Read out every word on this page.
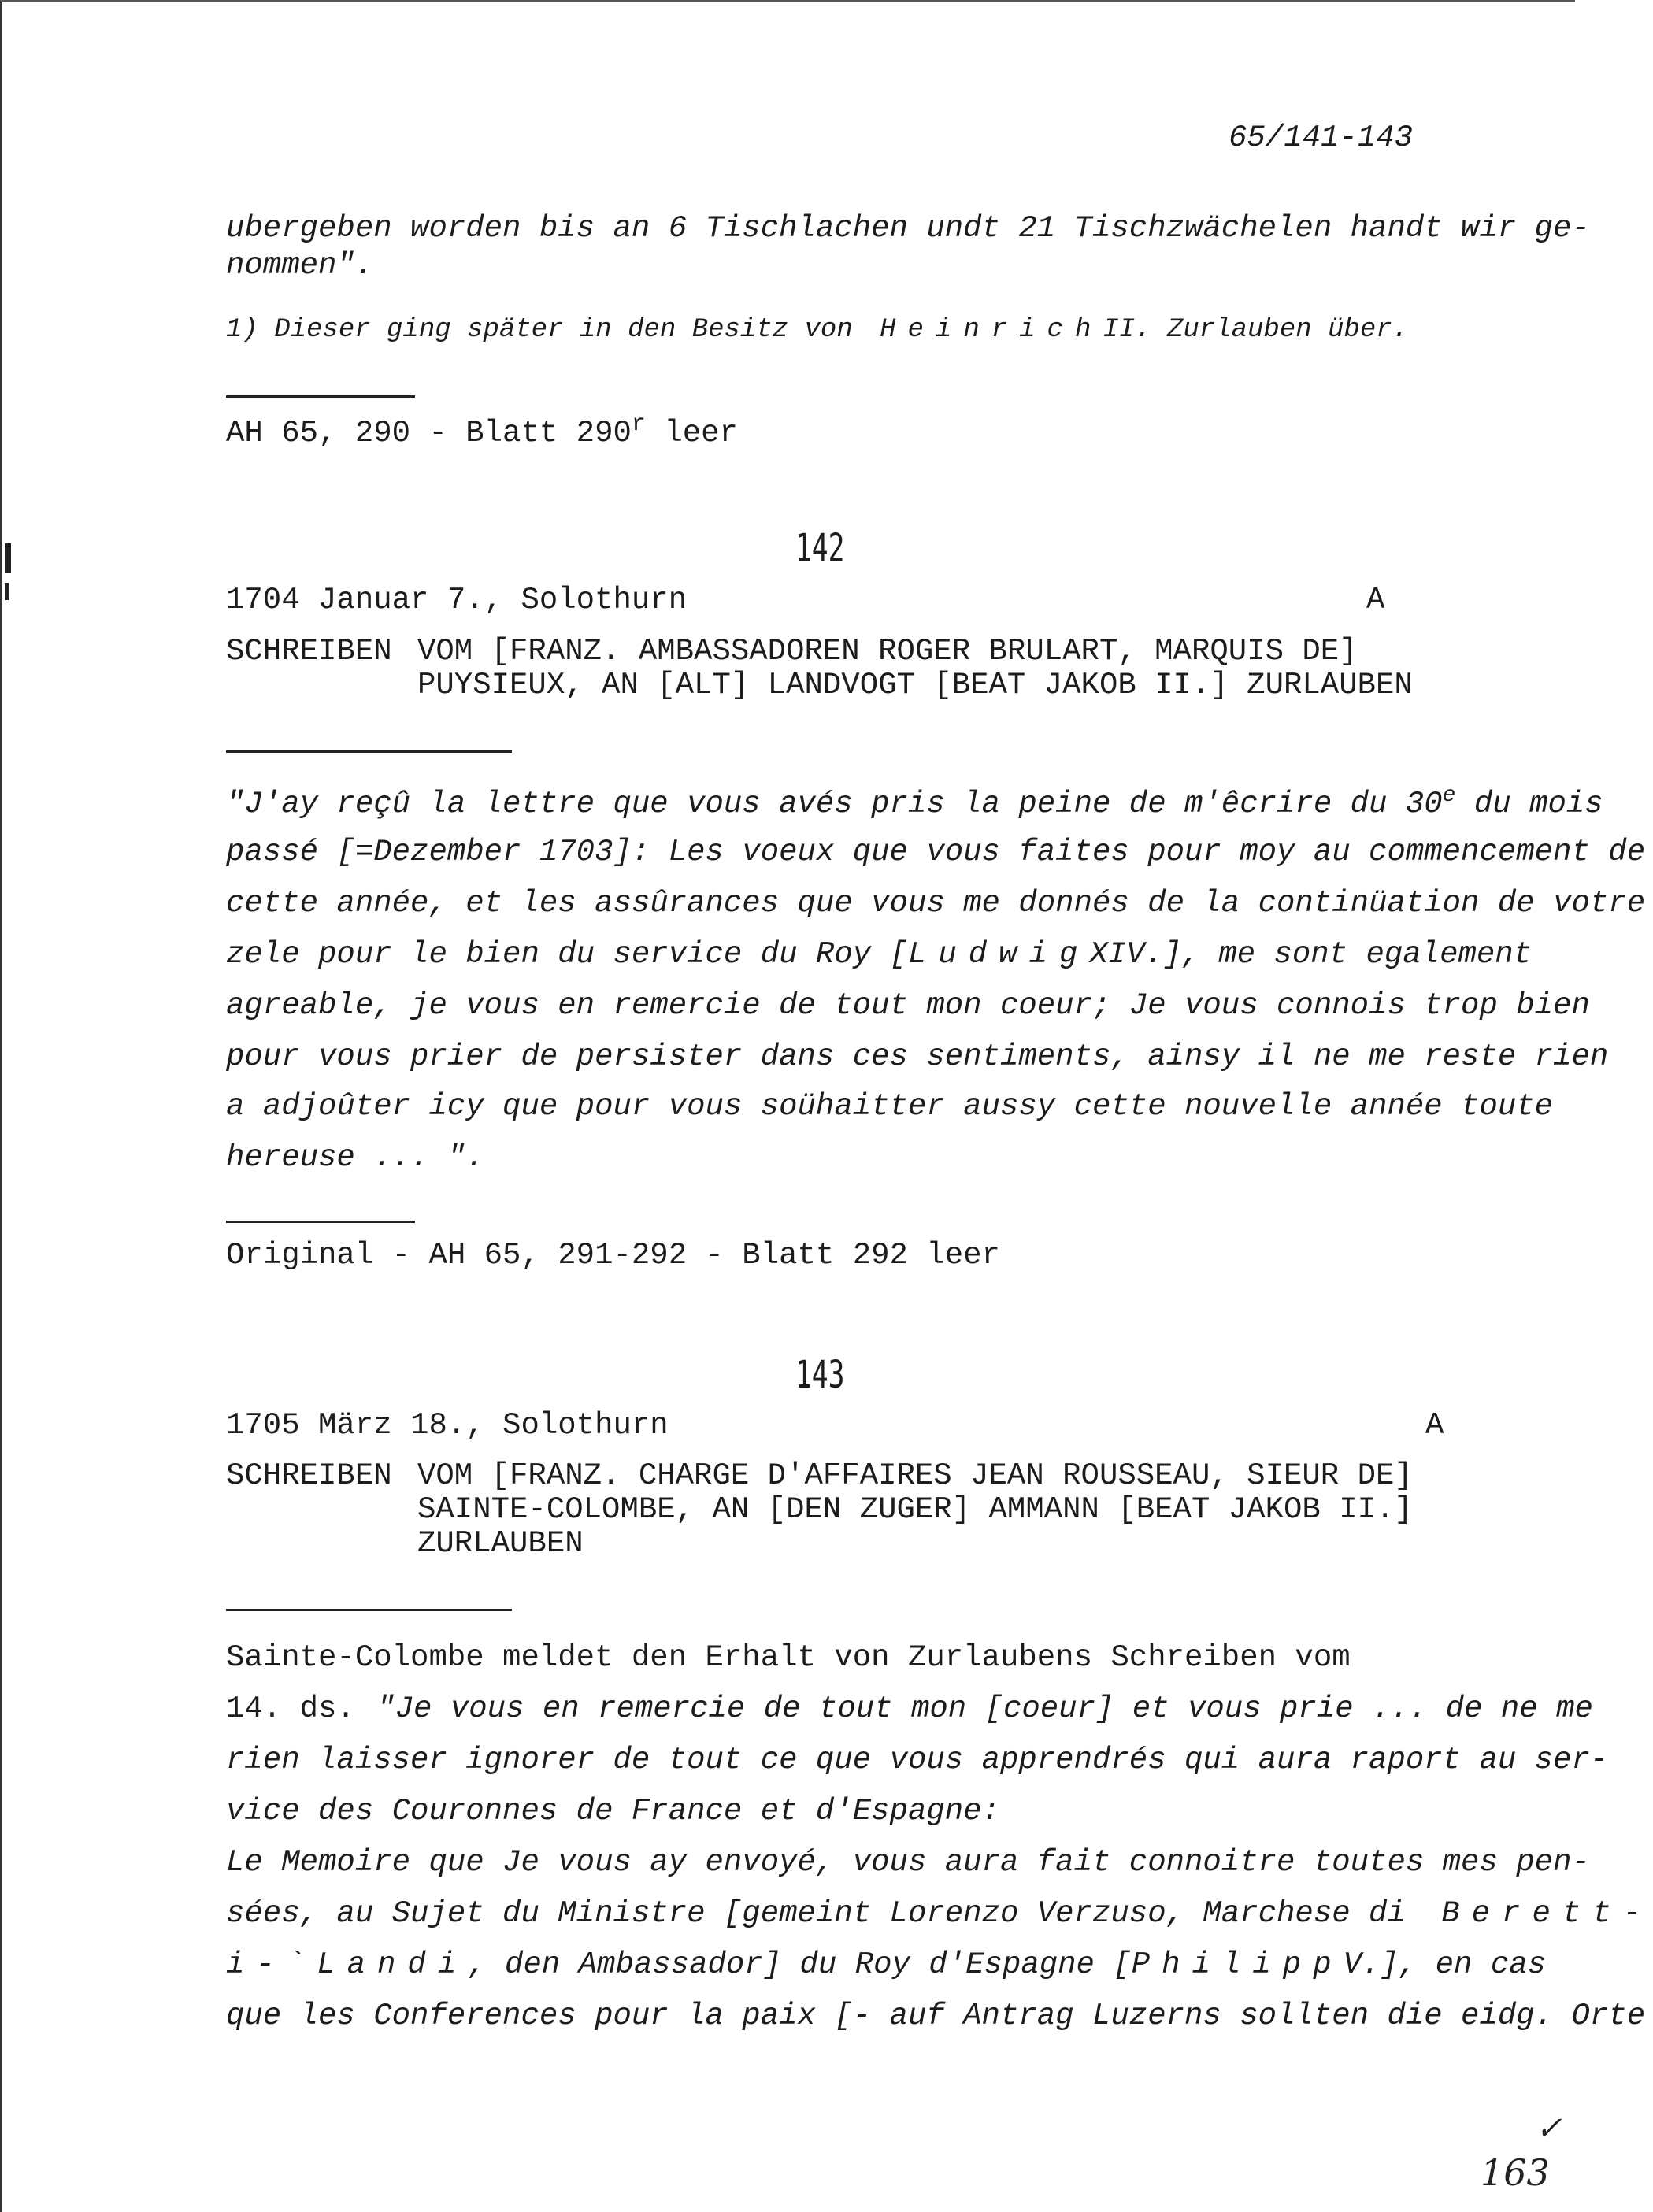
65/141-143
ubergeben worden bis an 6 Tischlachen undt 21 Tischzwächelen handt wir ge-
nommen".
1) Dieser ging später in den Besitz von HeinrichII. Zurlauben über.
AH 65, 290 - Blatt 290$^r$ leer
142
1704 Januar 7., Solothurn	A
SCHREIBEN VOM [FRANZ. AMBASSADOREN ROGER BRULART, MARQUIS DE]
PUYSIEUX, AN [ALT] LANDVOGT [BEAT JAKOB II.] ZURLAUBEN
"J'ay reçû la lettre que vous avés pris la peine de m'êcrire du 30e du mois
passé [=Dezember 1703]: Les voeux que vous faites pour moy au commencement de
cette année, et les assûrances que vous me donnés de la continüation de votre
zele pour le bien du service du Roy [LudwigXIV.], me sont egalement
agreable, je vous en remercie de tout mon coeur; Je vous connois trop bien
pour vous prier de persister dans ces sentiments, ainsy il ne me reste rien
a adjoûter icy que pour vous soühaitter aussy cette nouvelle année toute
hereuse ... ".
Original - AH 65, 291-292 - Blatt 292 leer
143
1705 März 18., Solothurn	A
SCHREIBEN VOM [FRANZ. CHARGE D'AFFAIRES JEAN ROUSSEAU, SIEUR DE]
SAINTE-COLOMBE, AN [DEN ZUGER] AMMANN [BEAT JAKOB II.]
ZURLAUBEN
Sainte-Colombe meldet den Erhalt von Zurlaubens Schreiben vom
14. ds. "Je vous en remercie de tout mon [coeur] et vous prie ... de ne me
rien laisser ignorer de tout ce que vous apprendrés qui aura raport au ser-
vice des Couronnes de France et d'Espagne:
Le Memoire que Je vous ay envoyé, vous aura fait connoitre toutes mes pen-
sées, au Sujet du Ministre [gemeint Lorenzo Verzuso, Marchese di Berett-
i-`Landi, den Ambassador] du Roy d'Espagne [PhilippV.], en cas
que les Conferences pour la paix [- auf Antrag Luzerns sollten die eidg. Orte
✓
163
